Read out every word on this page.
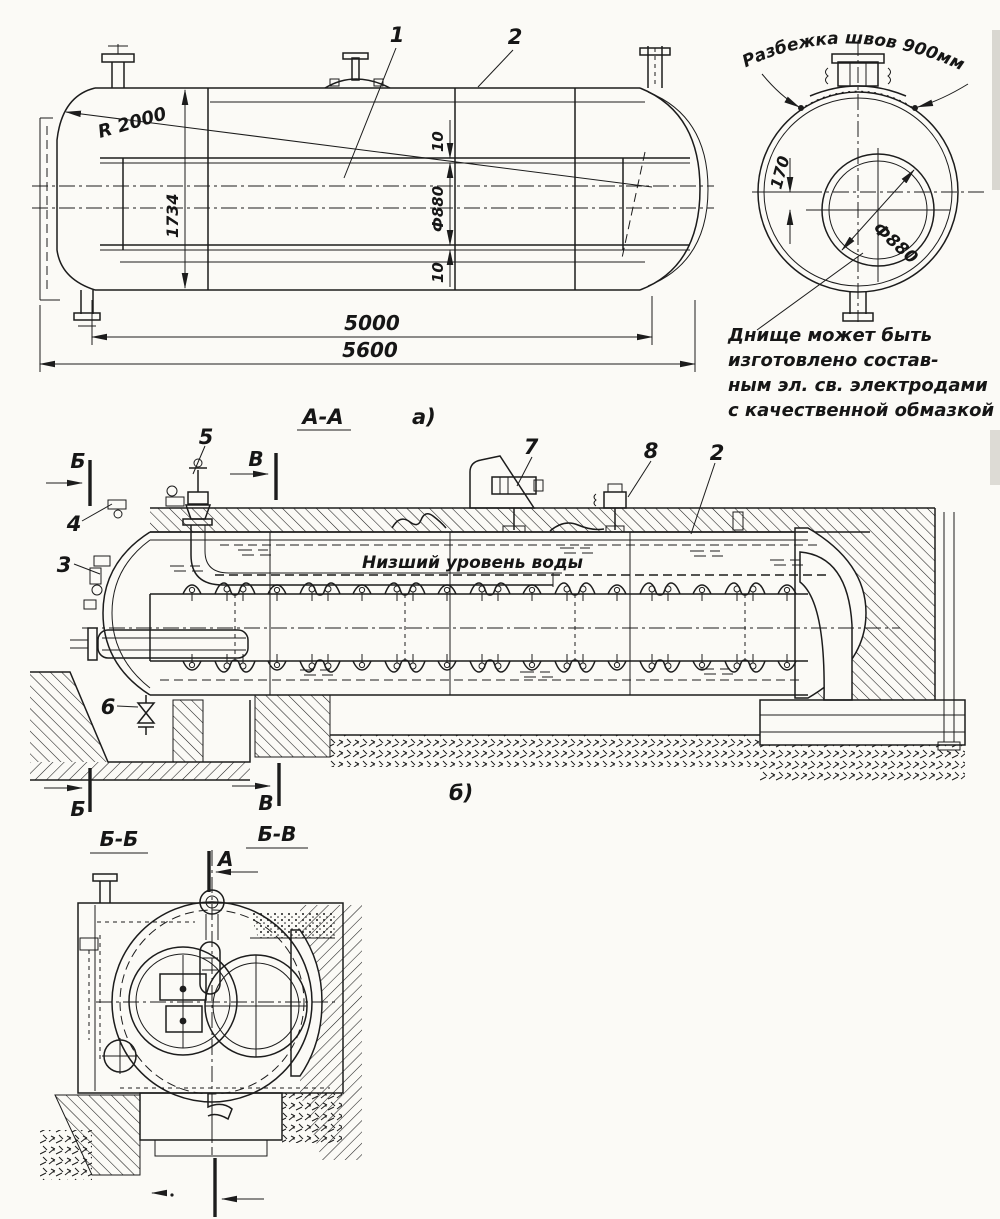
R 2000
1734
10
Ф880
10
5000
5600
1	2
Разбежка швов 900мм
170
Ф880
Днище может быть
изготовлено состав-
ным эл. св. электродами
с качественной обмазкой
А-А	а)
б)
Б-Б	Б-В
Низший уровень воды
Б	В
Б	В
5
4
3
7	8 2
6
А
